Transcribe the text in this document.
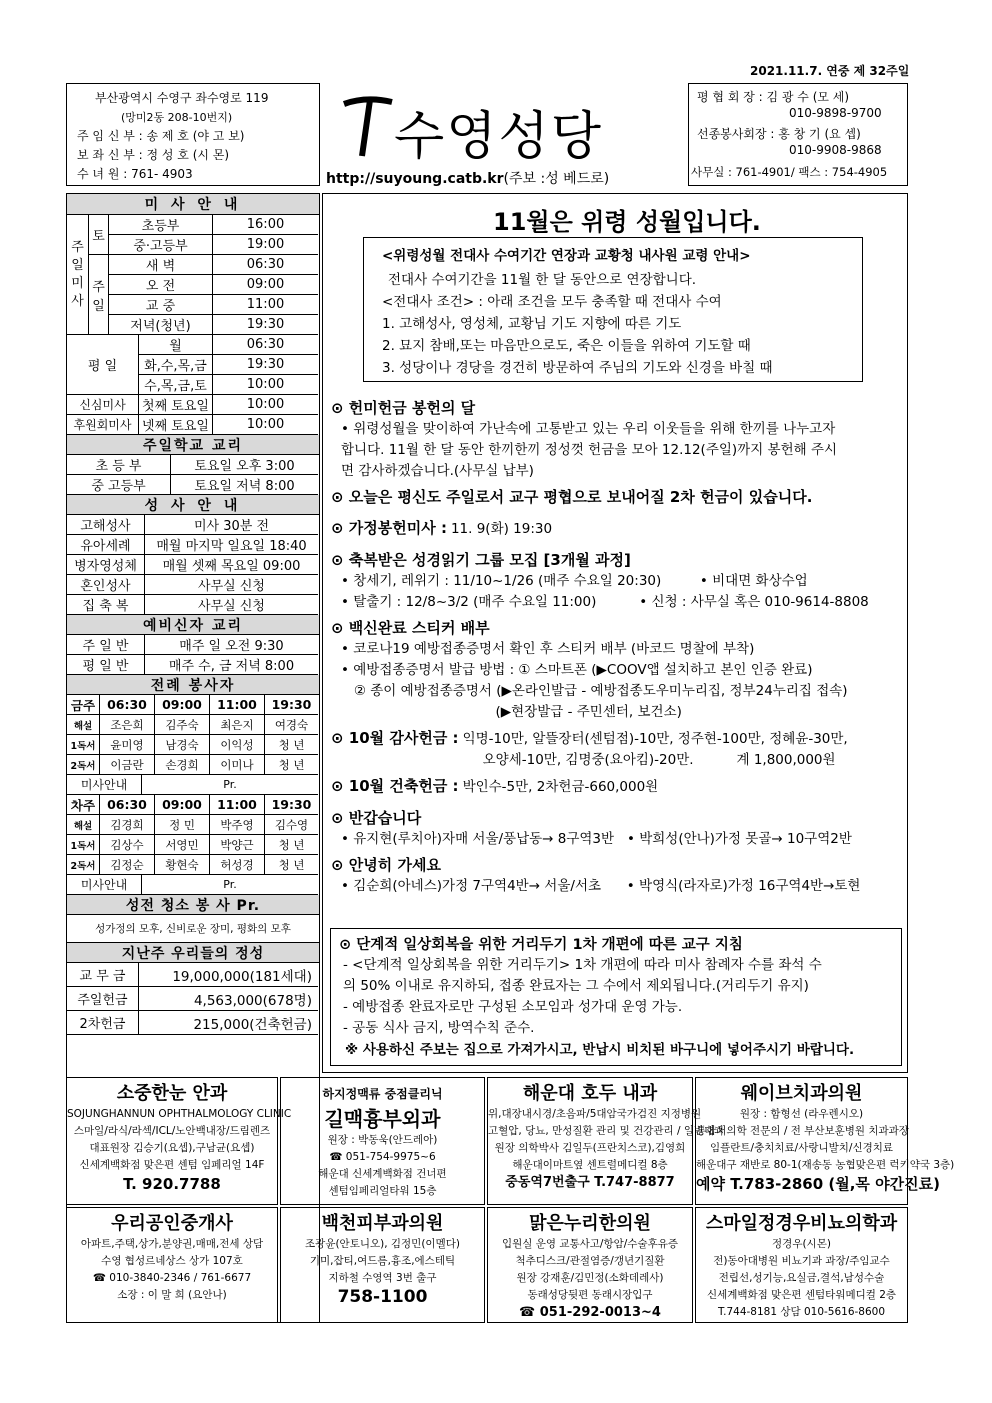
2021.11.7. 연중 제 32주일
부산광역시 수영구 좌수영로 119
(망미2동 208-10번지)
주 임 신 부 : 송 제 호 (야 고 보)
보 좌 신 부 : 정 성 호 (시 몬)
수 녀 원 : 761- 4903
수영성당
http://suyoung.catb.kr(주보 :성 베드로)
평 협 회 장 : 김 광 수 (모 세)
010-9898-9700
선종봉사회장 : 홍 창 기 (요 셉)
010-9908-9868
사무실 : 761-4901/ 팩스 : 754-4905
미 사 안 내
주
일
미
사
토
주
일
초등부	16:00
중·고등부	19:00
새 벽	06:30
오 전	09:00
교 중	11:00
저녁(청년)	19:30
평 일
월	06:30
화,수,목,금	19:30
수,목,금,토	10:00
신심미사	첫째 토요일	10:00
후원회미사 넷째 토요일	10:00
주일학교 교리
초 등 부	토요일 오후 3:00
중 고등부	토요일 저녁 8:00
성 사 안 내
고해성사	미사 30분 전
유아세례	매월 마지막 일요일 18:40
병자영성체	매월 셋째 목요일 09:00
혼인성사	사무실 신청
집 축 복	사무실 신청
예비신자 교리
주 일 반	매주 일 오전 9:30
평 일 반	매주 수, 금 저녁 8:00
전례 봉사자
금주 06:30	09:00	11:00	19:30
해설	조은희	김주숙	최은지	여경숙
1독서	윤미영	남경숙	이익성	청 년
2독서	이금란	손경희	이미나	청 년
미사안내	Pr.
차주 06:30	09:00	11:00	19:30
해설	김경희	정 민	박주영	김수영
1독서	김상수	서영민	박양근	청 년
2독서	김정순	황현숙	허성경	청 년
미사안내	Pr.
성전 청소 봉 사 Pr.
성가정의 모후, 신비로운 장미, 평화의 모후
지난주 우리들의 정성
교 무 금	19,000,000(181세대)
주일헌금	4,563,000(678명)
2차헌금	215,000(건축헌금)
11월은 위령 성월입니다.
<위령성월 전대사 수여기간 연장과 교황청 내사원 교령 안내>
전대사 수여기간을 11월 한 달 동안으로 연장합니다.
<전대사 조건> : 아래 조건을 모두 충족할 때 전대사 수여
1. 고해성사, 영성체, 교황님 기도 지향에 따른 기도
2. 묘지 참배,또는 마음만으로도, 죽은 이들을 위하여 기도할 때
3. 성당이나 경당을 경건히 방문하여 주님의 기도와 신경을 바칠 때
⊙ 헌미헌금 봉헌의 달
• 위령성월을 맞이하여 가난속에 고통받고 있는 우리 이웃들을 위해 한끼를 나누고자
합니다. 11월 한 달 동안 한끼한끼 정성껏 헌금을 모아 12.12(주일)까지 봉헌해 주시
면 감사하겠습니다.(사무실 납부)
⊙ 오늘은 평신도 주일로서 교구 평협으로 보내어질 2차 헌금이 있습니다.
⊙ 가정봉헌미사 : 11. 9(화) 19:30
⊙ 축복받은 성경읽기 그룹 모집 [3개월 과정]
• 창세기, 레위기 : 11/10~1/26 (매주 수요일 20:30)         • 비대면 화상수업
• 탈출기 : 12/8~3/2 (매주 수요일 11:00)          • 신청 : 사무실 혹은 010-9614-8808
⊙ 백신완료 스티커 배부
• 코로나19 예방접종증명서 확인 후 스티커 배부 (바코드 명찰에 부착)
• 예방접종증명서 발급 방법 : ① 스마트폰 (▶COOV앱 설치하고 본인 인증 완료)
② 종이 예방접종증명서 (▶온라인발급 - 예방접종도우미누리집, 정부24누리집 접속)
(▶현장발급 - 주민센터, 보건소)
⊙ 10월 감사헌금 : 익명-10만, 알뜰장터(센텀점)-10만, 정주현-100만, 정혜윤-30만,
오양세-10만, 김명중(요아킴)-20만.          계 1,800,000원
⊙ 10월 건축헌금 : 박인수-5만, 2차헌금-660,000원
⊙ 반갑습니다
• 유지현(루치아)자매 서울/풍납동→ 8구역3반   • 박희성(안나)가정 못골→ 10구역2반
⊙ 안녕히 가세요
• 김순희(아네스)가정 7구역4반→ 서울/서초      • 박영식(라자로)가정 16구역4반→토현
⊙ 단계적 일상회복을 위한 거리두기 1차 개편에 따른 교구 지침
- <단계적 일상회복을 위한 거리두기> 1차 개편에 따라 미사 참례자 수를 좌석 수
의 50% 이내로 유지하되, 접종 완료자는 그 수에서 제외됩니다.(거리두기 유지)
- 예방접종 완료자로만 구성된 소모임과 성가대 운영 가능.
- 공동 식사 금지, 방역수칙 준수.
※ 사용하신 주보는 집으로 가져가시고, 반납시 비치된 바구니에 넣어주시기 바랍니다.
소중한눈 안과
SOJUNGHANNUN OPHTHALMOLOGY CLINIC
스마일/라식/라섹/ICL/노안백내장/드림렌즈
대표원장 김승기(요셉),구남균(요셉)
신세계백화점 맞은편 센텀 임페리얼 14F
T. 920.7788
하지정맥류 중점클리닉
길맥흉부외과
원장 : 박동욱(안드레아)
☎ 051-754-9975~6
해운대 신세계백화점 건너편
센텀임페리얼타워 15층
해운대 호두 내과
위,대장내시경/초음파/5대암국가검진 지정병원
고혈압, 당뇨, 만성질환 관리 및 건강관리 / 일반내과
원장 의학박사 김일두(프란치스코),김영희
해운대이마트옆 센트럴메디컬 8층
중동역7번출구 T.747-8877
웨이브치과의원
원장 : 함형선 (라우렌시오)
통합치의학 전문의 / 전 부산보훈병원 치과과장
임플란트/충치치료/사랑니발치/신경치료
해운대구 재반로 80-1(재송동 농협맞은편 럭키약국 3층)
예약 T.783-2860 (월,목 야간진료)
우리공인중개사
아파트,주택,상가,분양권,매매,전세 상담
수영 협성르네상스 상가 107호
☎ 010-3840-2346 / 761-6677
소장 : 이 말 희 (요안나)
백천피부과의원
조광윤(안토니오), 김정민(이멜다)
기미,잡티,여드름,흉조,에스테틱
지하철 수영역 3번 출구
758-1100
맑은누리한의원
입원실 운영 교통사고/항암/수술후유증
척추디스크/관절염증/갱년기질환
원장 강재훈/김민정(소화데레사)
동래성당뒷편 동래시장입구
☎ 051-292-0013~4
스마일정경우비뇨의학과
정경우(시몬)
전)동아대병원 비뇨기과 과장/주임교수
전립선,성기능,요실금,결석,남성수술
신세계백화점 맞은편 센텀타워메디컬 2층
T.744-8181 상담 010-5616-8600
